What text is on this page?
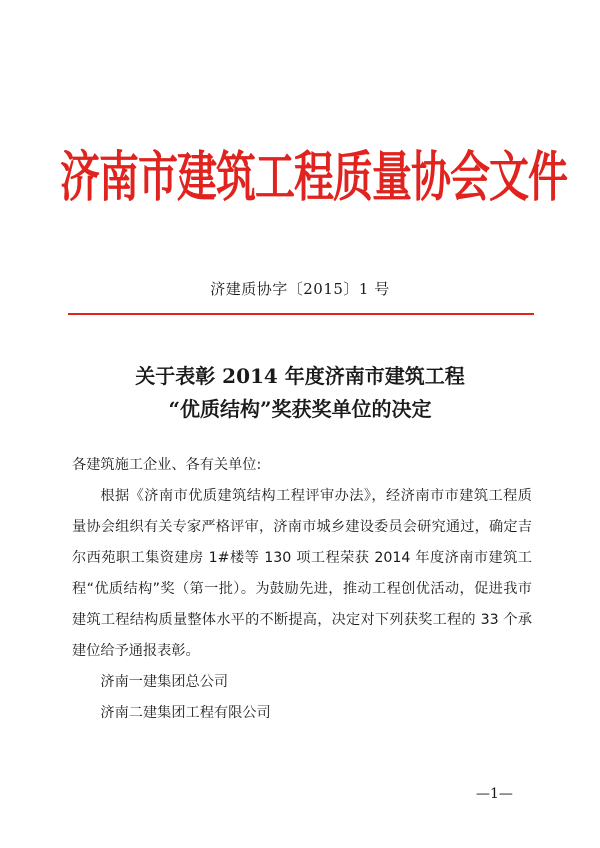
济南市建筑工程质量协会文件
济建质协字〔2015〕1 号
关于表彰 2014 年度济南市建筑工程
“优质结构”奖获奖单位的决定
各建筑施工企业、各有关单位:
根据《济南市优质建筑结构工程评审办法》，经济南市市建筑工程质量协会组织有关专家严格评审，济南市城乡建设委员会研究通过，确定吉尔西苑职工集资建房 1#楼等 130 项工程荣获 2014 年度济南市建筑工程“优质结构”奖（第一批）。为鼓励先进，推动工程创优活动，促进我市建筑工程结构质量整体水平的不断提高，决定对下列获奖工程的 33 个承建位给予通报表彰。
济南一建集团总公司
济南二建集团工程有限公司
—1—
